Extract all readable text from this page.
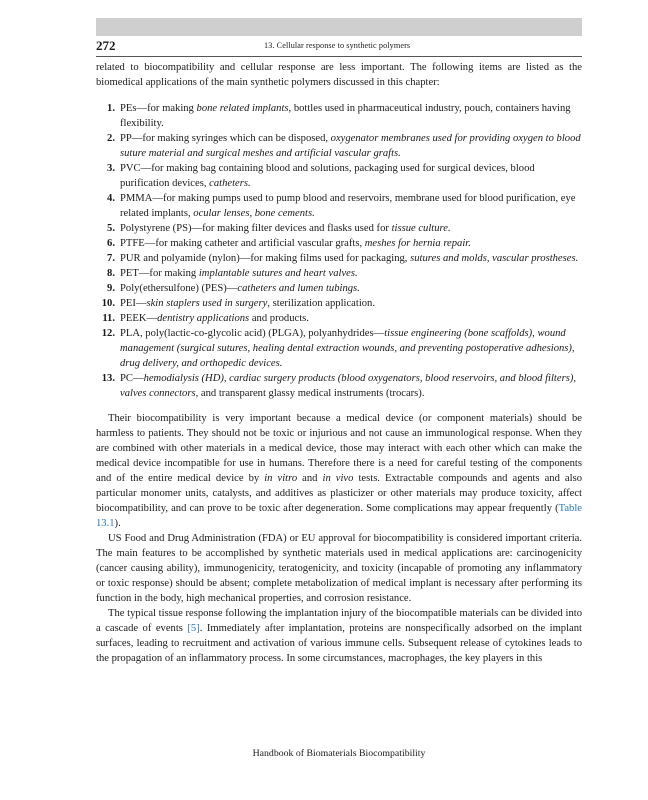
272	13. Cellular response to synthetic polymers

related to biocompatibility and cellular response are less important. The following items are listed as the biomedical applications of the main synthetic polymers discussed in this chapter:

1. PEs—for making bone related implants, bottles used in pharmaceutical industry, pouch, containers having flexibility.
2. PP—for making syringes which can be disposed, oxygenator membranes used for providing oxygen to blood suture material and surgical meshes and artificial vascular grafts.
3. PVC—for making bag containing blood and solutions, packaging used for surgical devices, blood purification devices, catheters.
4. PMMA—for making pumps used to pump blood and reservoirs, membrane used for blood purification, eye related implants, ocular lenses, bone cements.
5. Polystyrene (PS)—for making filter devices and flasks used for tissue culture.
6. PTFE—for making catheter and artificial vascular grafts, meshes for hernia repair.
7. PUR and polyamide (nylon)—for making films used for packaging, sutures and molds, vascular prostheses.
8. PET—for making implantable sutures and heart valves.
9. Poly(ethersulfone) (PES)—catheters and lumen tubings.
10. PEI—skin staplers used in surgery, sterilization application.
11. PEEK—dentistry applications and products.
12. PLA, poly(lactic-co-glycolic acid) (PLGA), polyanhydrides—tissue engineering (bone scaffolds), wound management (surgical sutures, healing dental extraction wounds, and preventing postoperative adhesions), drug delivery, and orthopedic devices.
13. PC—hemodialysis (HD), cardiac surgery products (blood oxygenators, blood reservoirs, and blood filters), valves connectors, and transparent glassy medical instruments (trocars).

Their biocompatibility is very important because a medical device (or component materials) should be harmless to patients. They should not be toxic or injurious and not cause an immunological response. When they are combined with other materials in a medical device, those may interact with each other which can make the medical device incompatible for use in humans. Therefore there is a need for careful testing of the components and of the entire medical device by in vitro and in vivo tests. Extractable compounds and agents and also particular monomer units, catalysts, and additives as plasticizer or other materials may produce toxicity, affect biocompatibility, and can prove to be toxic after degeneration. Some complications may appear frequently (Table 13.1).

US Food and Drug Administration (FDA) or EU approval for biocompatibility is considered important criteria. The main features to be accomplished by synthetic materials used in medical applications are: carcinogenicity (cancer causing ability), immunogenicity, teratogenicity, and toxicity (incapable of promoting any inflammatory or toxic response) should be absent; complete metabolization of medical implant is necessary after performing its function in the body, high mechanical properties, and corrosion resistance.

The typical tissue response following the implantation injury of the biocompatible materials can be divided into a cascade of events [5]. Immediately after implantation, proteins are nonspecifically adsorbed on the implant surfaces, leading to recruitment and activation of various immune cells. Subsequent release of cytokines leads to the propagation of an inflammatory process. In some circumstances, macrophages, the key players in this

Handbook of Biomaterials Biocompatibility
